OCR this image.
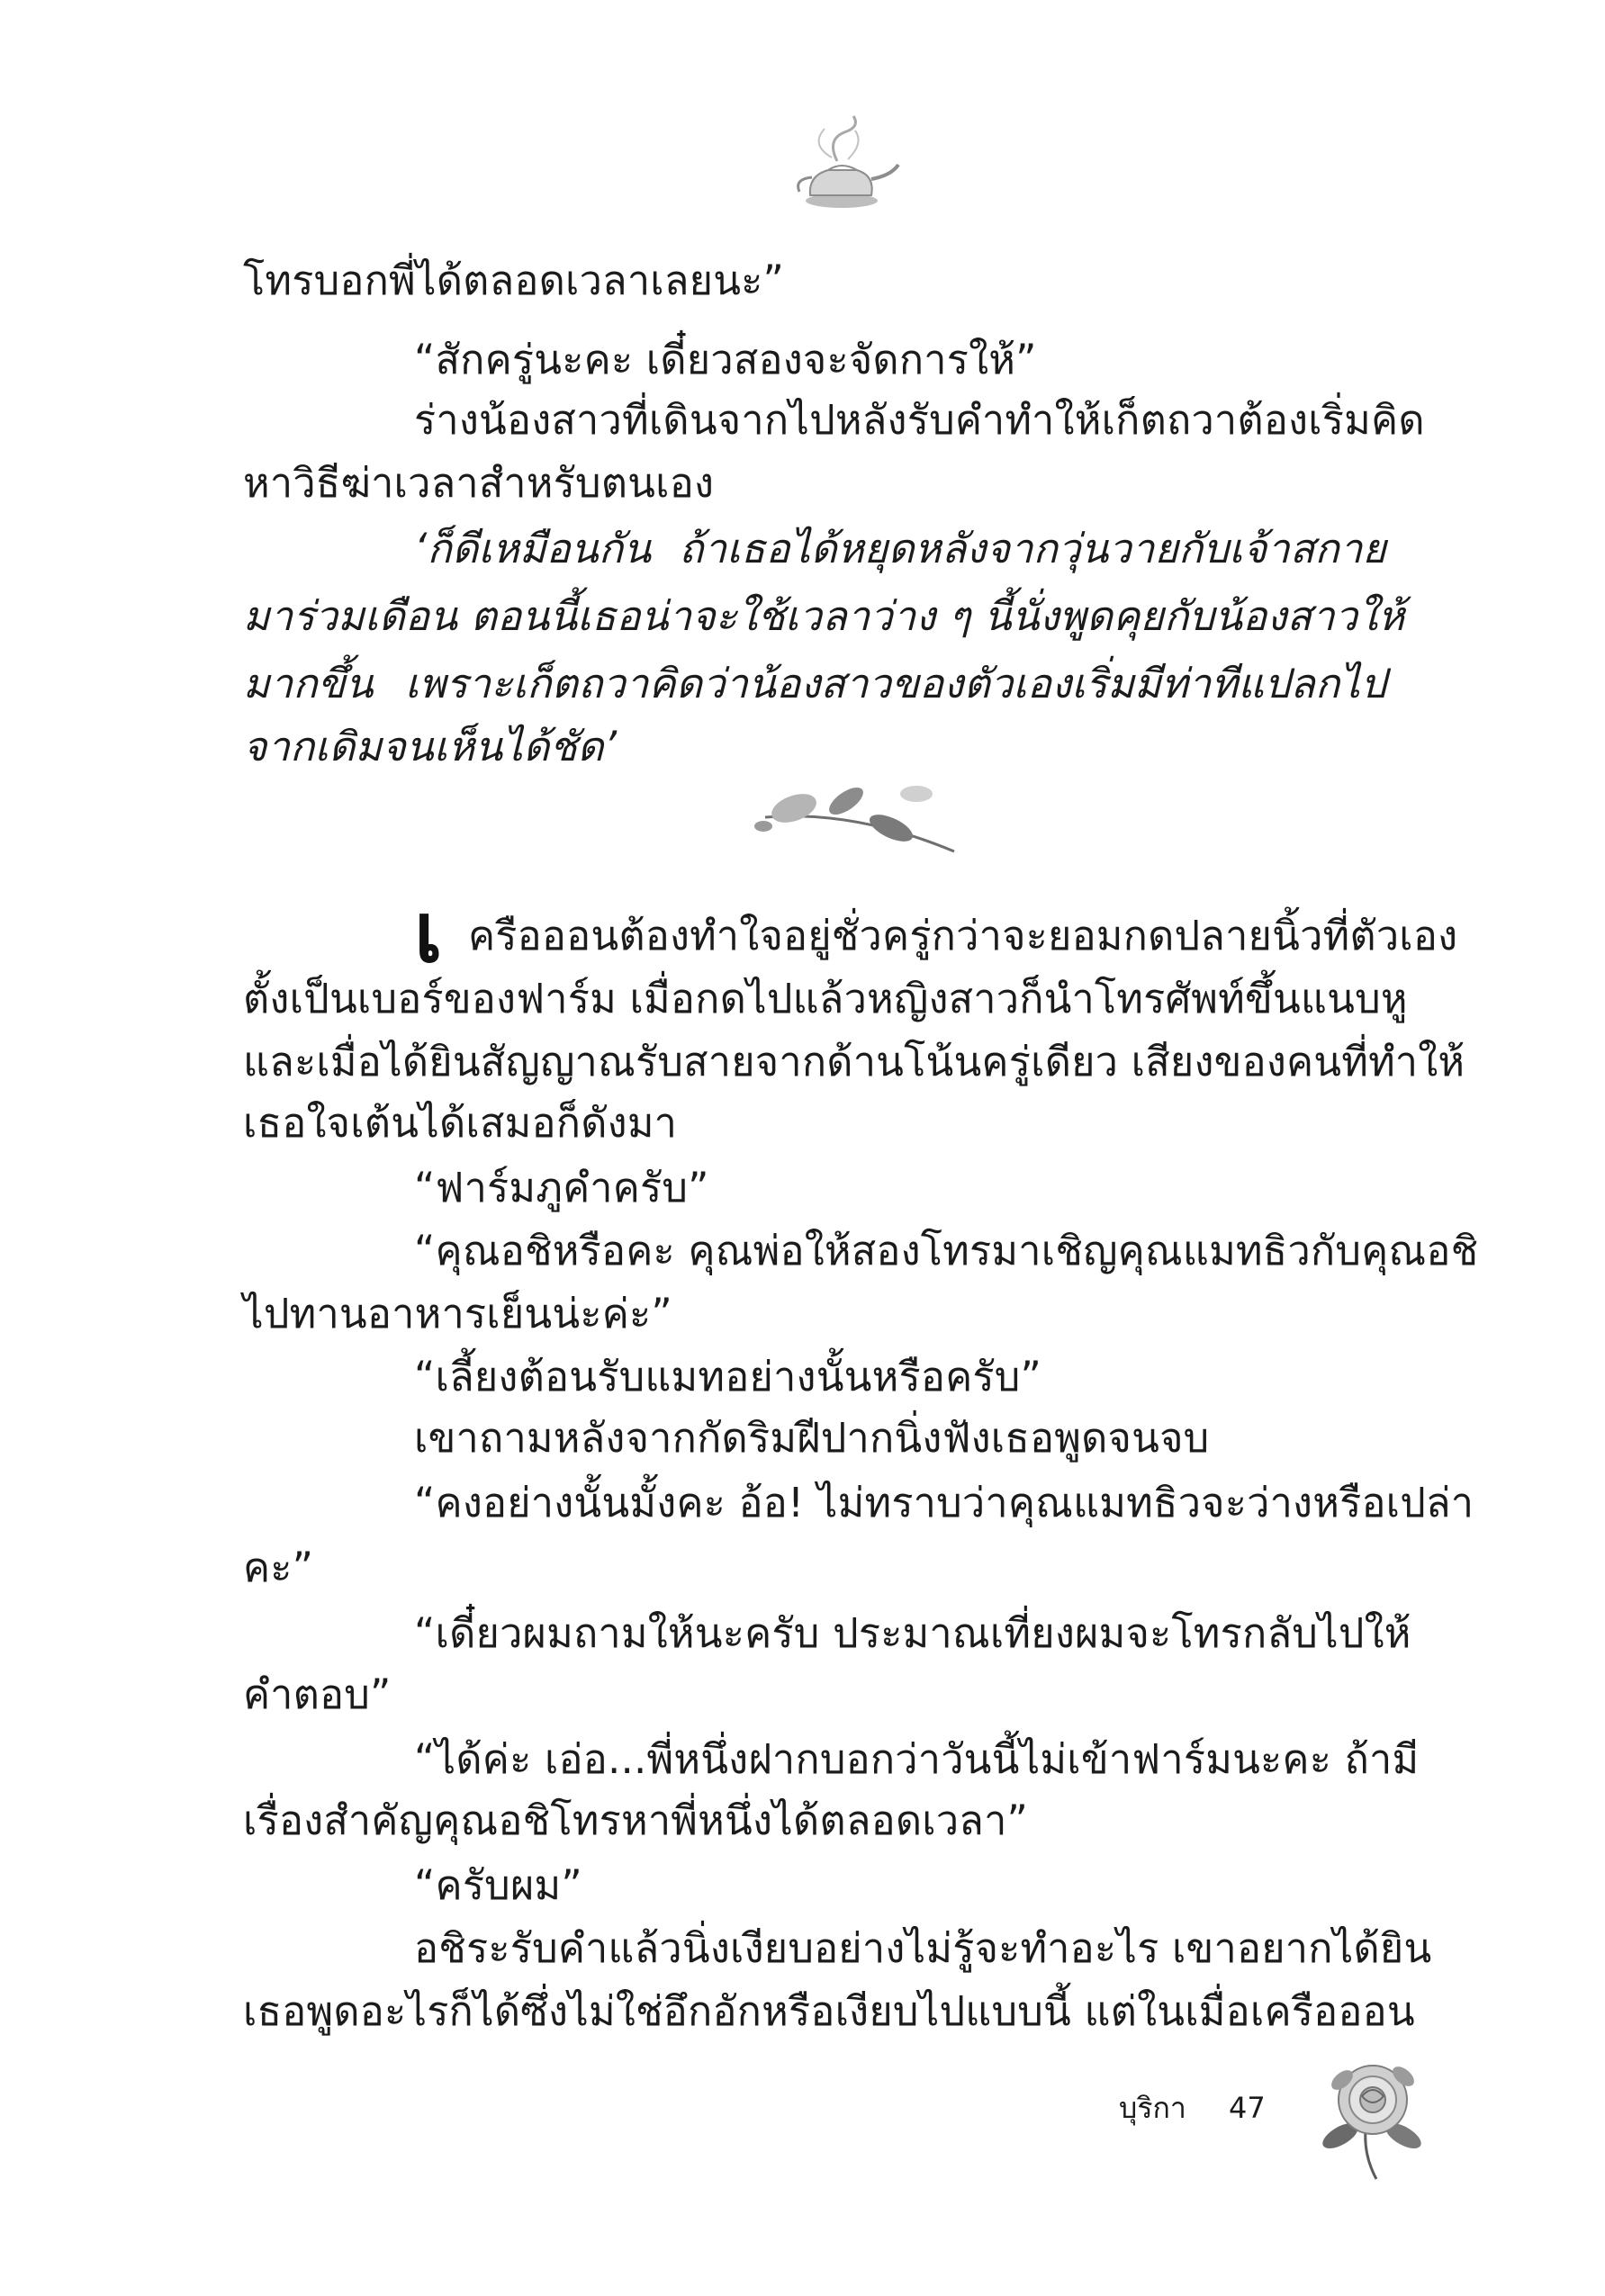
โทรบอกพี่ได้ตลอดเวลาเลยนะ”
“สักครู่นะคะ เดี๋ยวสองจะจัดการให้”
ร่างน้องสาวที่เดินจากไปหลังรับคำทำให้เก็ตถวาต้องเริ่มคิด
หาวิธีฆ่าเวลาสำหรับตนเอง
‘ก็ดีเหมือนกัน ถ้าเธอได้หยุดหลังจากวุ่นวายกับเจ้าสกาย
มาร่วมเดือน ตอนนี้เธอน่าจะใช้เวลาว่าง ๆ นี้นั่งพูดคุยกับน้องสาวให้
มากขึ้น เพราะเก็ตถวาคิดว่าน้องสาวของตัวเองเริ่มมีท่าทีแปลกไป
จากเดิมจนเห็นได้ชัด’
เ ครือออนต้องทำใจอยู่ชั่วครู่กว่าจะยอมกดปลายนิ้วที่ตัวเอง
ตั้งเป็นเบอร์ของฟาร์ม เมื่อกดไปแล้วหญิงสาวก็นำโทรศัพท์ขึ้นแนบหู
และเมื่อได้ยินสัญญาณรับสายจากด้านโน้นครู่เดียว เสียงของคนที่ทำให้
เธอใจเต้นได้เสมอก็ดังมา
“ฟาร์มภูคำครับ”
“คุณอชิหรือคะ คุณพ่อให้สองโทรมาเชิญคุณแมทธิวกับคุณอชิ
ไปทานอาหารเย็นน่ะค่ะ”
“เลี้ยงต้อนรับแมทอย่างนั้นหรือครับ”
เขาถามหลังจากกัดริมฝีปากนิ่งฟังเธอพูดจนจบ
“คงอย่างนั้นมั้งคะ อ้อ! ไม่ทราบว่าคุณแมทธิวจะว่างหรือเปล่า
คะ”
“เดี๋ยวผมถามให้นะครับ ประมาณเที่ยงผมจะโทรกลับไปให้
คำตอบ”
“ได้ค่ะ เอ่อ...พี่หนึ่งฝากบอกว่าวันนี้ไม่เข้าฟาร์มนะคะ ถ้ามี
เรื่องสำคัญคุณอชิโทรหาพี่หนึ่งได้ตลอดเวลา”
“ครับผม”
อชิระรับคำแล้วนิ่งเงียบอย่างไม่รู้จะทำอะไร เขาอยากได้ยิน
เธอพูดอะไรก็ได้ซึ่งไม่ใช่อึกอักหรือเงียบไปแบบนี้ แต่ในเมื่อเครือออน
บุริกา 47
